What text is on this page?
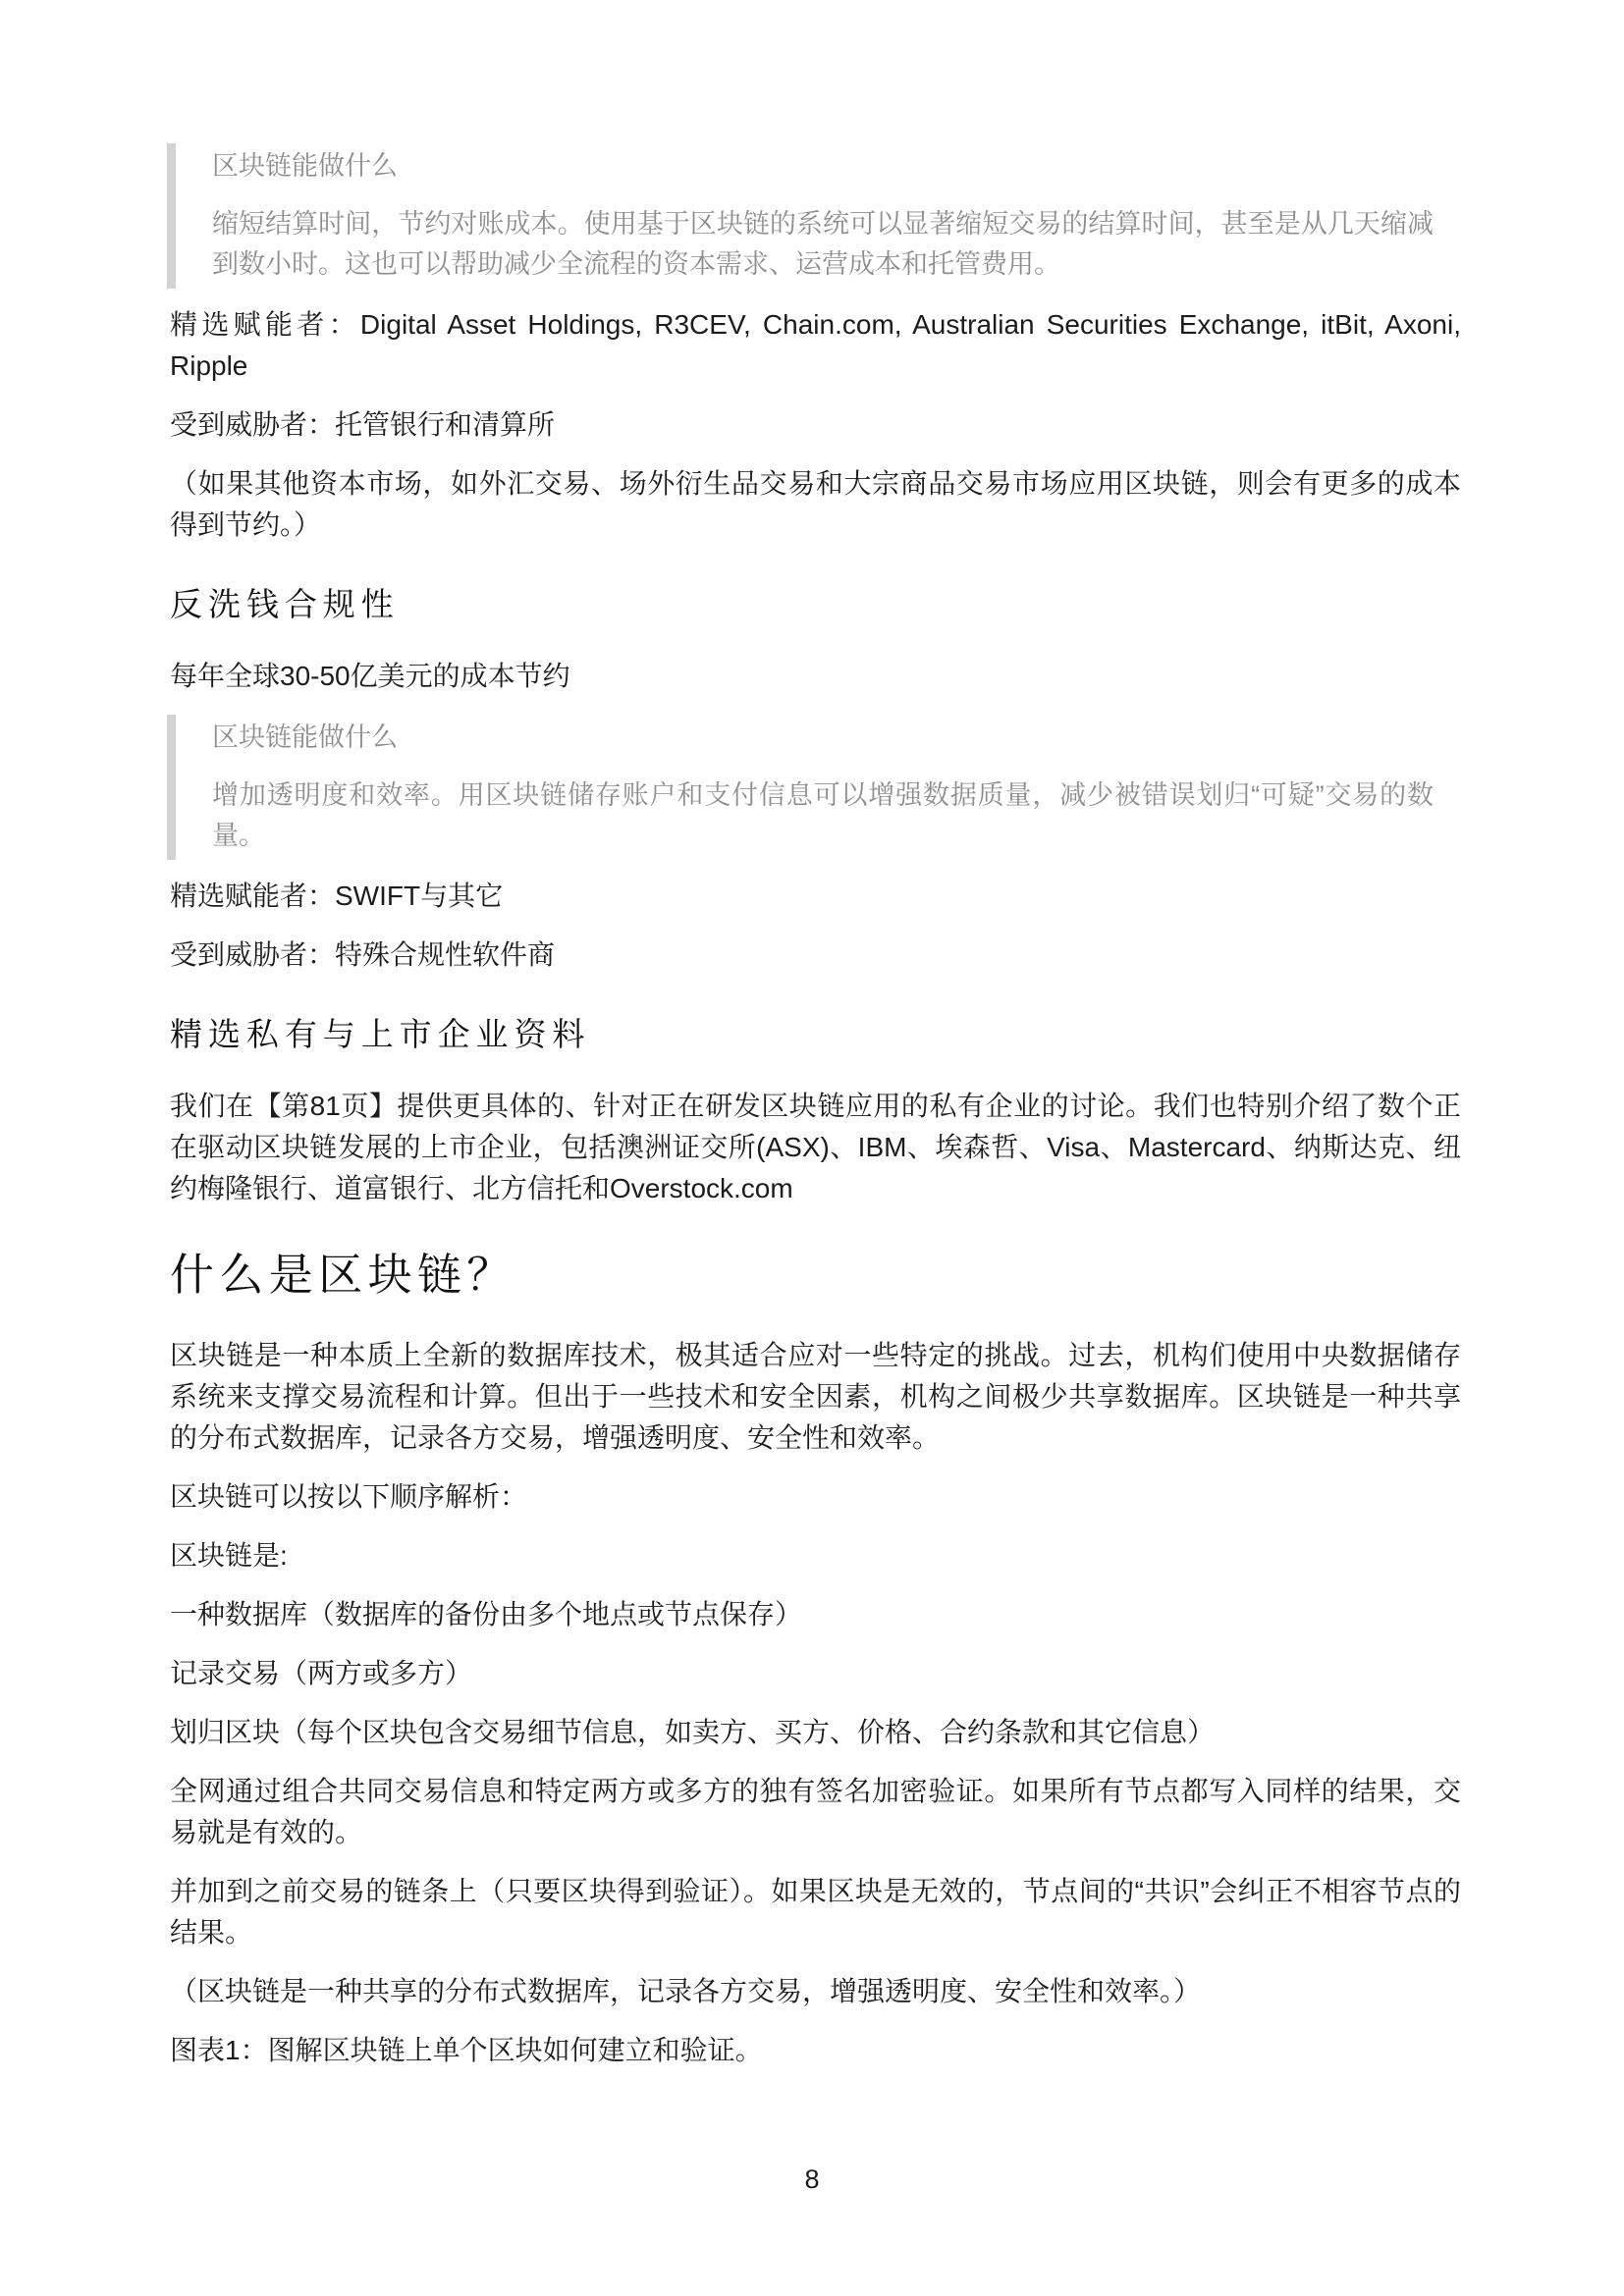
区块链能做什么

缩短结算时间，节约对账成本。使用基于区块链的系统可以显著缩短交易的结算时间，甚至是从几天缩减到数小时。这也可以帮助减少全流程的资本需求、运营成本和托管费用。

精选赋能者：Digital Asset Holdings, R3CEV, Chain.com, Australian Securities Exchange, itBit, Axoni, Ripple

受到威胁者：托管银行和清算所

（如果其他资本市场，如外汇交易、场外衍生品交易和大宗商品交易市场应用区块链，则会有更多的成本得到节约。）

反洗钱合规性

每年全球30-50亿美元的成本节约

区块链能做什么

增加透明度和效率。用区块链储存账户和支付信息可以增强数据质量，减少被错误划归“可疑”交易的数量。

精选赋能者：SWIFT与其它

受到威胁者：特殊合规性软件商

精选私有与上市企业资料

我们在【第81页】提供更具体的、针对正在研发区块链应用的私有企业的讨论。我们也特别介绍了数个正在驱动区块链发展的上市企业，包括澳洲证交所(ASX)、IBM、埃森哲、Visa、Mastercard、纳斯达克、纽约梅隆银行、道富银行、北方信托和Overstock.com

什么是区块链？

区块链是一种本质上全新的数据库技术，极其适合应对一些特定的挑战。过去，机构们使用中央数据储存系统来支撑交易流程和计算。但出于一些技术和安全因素，机构之间极少共享数据库。区块链是一种共享的分布式数据库，记录各方交易，增强透明度、安全性和效率。

区块链可以按以下顺序解析：

区块链是:

一种数据库（数据库的备份由多个地点或节点保存）

记录交易（两方或多方）

划归区块（每个区块包含交易细节信息，如卖方、买方、价格、合约条款和其它信息）

全网通过组合共同交易信息和特定两方或多方的独有签名加密验证。如果所有节点都写入同样的结果，交易就是有效的。

并加到之前交易的链条上（只要区块得到验证）。如果区块是无效的，节点间的“共识”会纠正不相容节点的结果。

（区块链是一种共享的分布式数据库，记录各方交易，增强透明度、安全性和效率。）

图表1：图解区块链上单个区块如何建立和验证。

8
